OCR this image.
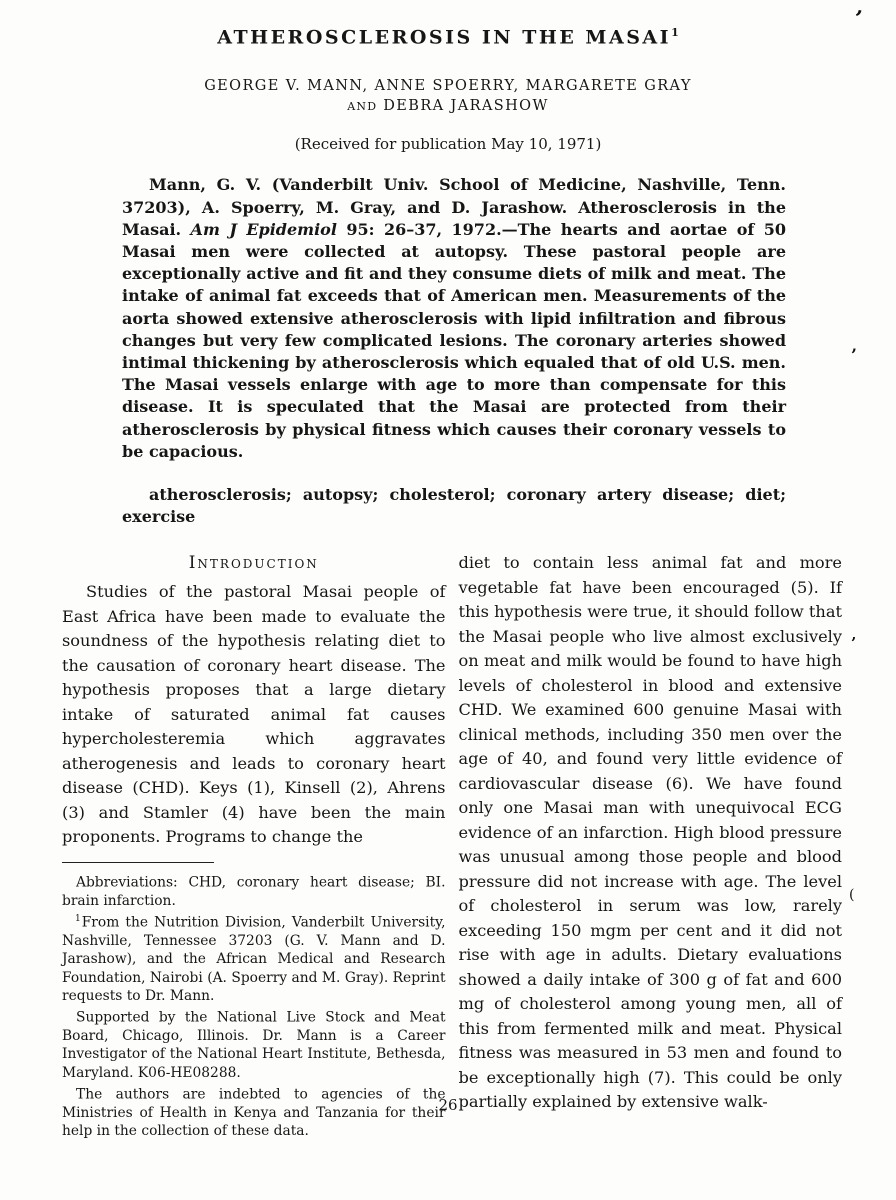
’
’
’
(
ATHEROSCLEROSIS IN THE MASAI$^1$
GEORGE V. MANN, ANNE SPOERRY, MARGARETE GRAY
AND DEBRA JARASHOW
(Received for publication May 10, 1971)

Mann, G. V. (Vanderbilt Univ. School of Medicine, Nashville, Tenn. 37203), A. Spoerry, M. Gray, and D. Jarashow. Atherosclerosis in the Masai. Am J Epidemiol 95: 26–37, 1972.—The hearts and aortae of 50 Masai men were collected at autopsy. These pastoral people are exceptionally active and fit and they consume diets of milk and meat. The intake of animal fat exceeds that of American men. Measurements of the aorta showed extensive atherosclerosis with lipid infiltration and fibrous changes but very few complicated lesions. The coronary arteries showed intimal thickening by atherosclerosis which equaled that of old U.S. men. The Masai vessels enlarge with age to more than compensate for this disease. It is speculated that the Masai are protected from their atherosclerosis by physical fitness which causes their coronary vessels to be capacious.

atherosclerosis; autopsy; cholesterol; coronary artery disease; diet; exercise

Introduction

Studies of the pastoral Masai people of East Africa have been made to evaluate the soundness of the hypothesis relating diet to the causation of coronary heart disease. The hypothesis proposes that a large dietary intake of saturated animal fat causes hypercholesteremia which aggravates atherogenesis and leads to coronary heart disease (CHD). Keys (1), Kinsell (2), Ahrens (3) and Stamler (4) have been the main proponents. Programs to change the

Abbreviations: CHD, coronary heart disease; BI. brain infarction.

$^1$From the Nutrition Division, Vanderbilt University, Nashville, Tennessee 37203 (G. V. Mann and D. Jarashow), and the African Medical and Research Foundation, Nairobi (A. Spoerry and M. Gray). Reprint requests to Dr. Mann.

Supported by the National Live Stock and Meat Board, Chicago, Illinois. Dr. Mann is a Career Investigator of the National Heart Institute, Bethesda, Maryland. K06-HE08288.

The authors are indebted to agencies of the Ministries of Health in Kenya and Tanzania for their help in the collection of these data.

diet to contain less animal fat and more vegetable fat have been encouraged (5). If this hypothesis were true, it should follow that the Masai people who live almost exclusively on meat and milk would be found to have high levels of cholesterol in blood and extensive CHD. We examined 600 genuine Masai with clinical methods, including 350 men over the age of 40, and found very little evidence of cardiovascular disease (6). We have found only one Masai man with unequivocal ECG evidence of an infarction. High blood pressure was unusual among those people and blood pressure did not increase with age. The level of cholesterol in serum was low, rarely exceeding 150 mgm per cent and it did not rise with age in adults. Dietary evaluations showed a daily intake of 300 g of fat and 600 mg of cholesterol among young men, all of this from fermented milk and meat. Physical fitness was measured in 53 men and found to be exceptionally high (7). This could be only partially explained by extensive walk-

26
